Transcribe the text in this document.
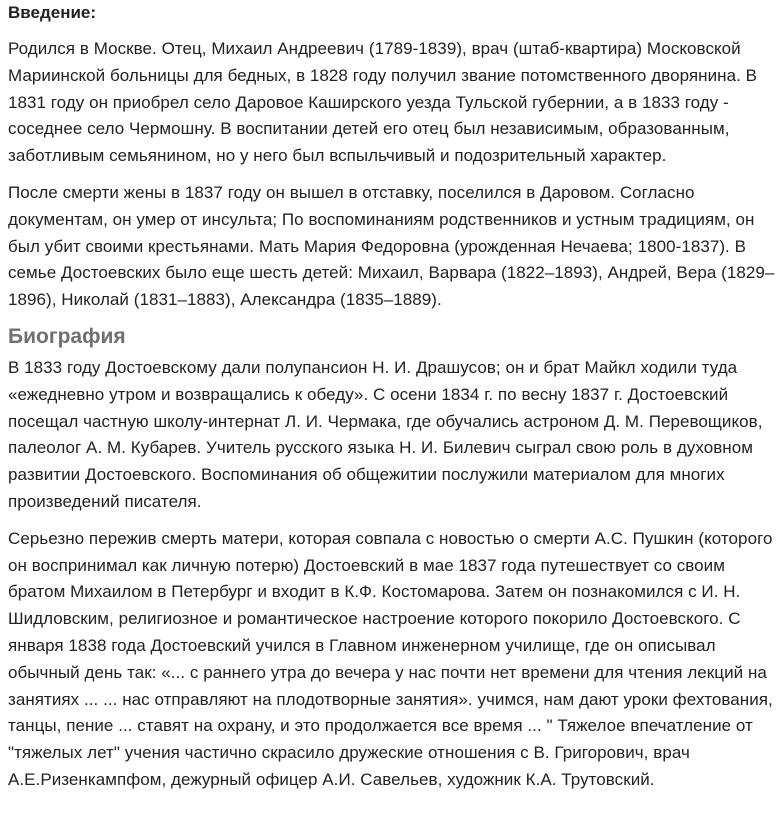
Введение:

Родился в Москве. Отец, Михаил Андреевич (1789-1839), врач (штаб-квартира) Московской Мариинской больницы для бедных, в 1828 году получил звание потомственного дворянина. В 1831 году он приобрел село Даровое Каширского уезда Тульской губернии, а в 1833 году - соседнее село Чермошну. В воспитании детей его отец был независимым, образованным, заботливым семьянином, но у него был вспыльчивый и подозрительный характер.

После смерти жены в 1837 году он вышел в отставку, поселился в Даровом. Согласно документам, он умер от инсульта; По воспоминаниям родственников и устным традициям, он был убит своими крестьянами. Мать Мария Федоровна (урожденная Нечаева; 1800-1837). В семье Достоевских было еще шесть детей: Михаил, Варвара (1822–1893), Андрей, Вера (1829–1896), Николай (1831–1883), Александра (1835–1889).

Биография

В 1833 году Достоевскому дали полупансион Н. И. Драшусов; он и брат Майкл ходили туда «ежедневно утром и возвращались к обеду». С осени 1834 г. по весну 1837 г. Достоевский посещал частную школу-интернат Л. И. Чермака, где обучались астроном Д. М. Перевощиков, палеолог А. М. Кубарев. Учитель русского языка Н. И. Билевич сыграл свою роль в духовном развитии Достоевского. Воспоминания об общежитии послужили материалом для многих произведений писателя.

Серьезно пережив смерть матери, которая совпала с новостью о смерти А.С. Пушкин (которого он воспринимал как личную потерю) Достоевский в мае 1837 года путешествует со своим братом Михаилом в Петербург и входит в К.Ф. Костомарова. Затем он познакомился с И. Н. Шидловским, религиозное и романтическое настроение которого покорило Достоевского. С января 1838 года Достоевский учился в Главном инженерном училище, где он описывал обычный день так: «... с раннего утра до вечера у нас почти нет времени для чтения лекций на занятиях ... ... нас отправляют на плодотворные занятия». учимся, нам дают уроки фехтования, танцы, пение ... ставят на охрану, и это продолжается все время ... " Тяжелое впечатление от "тяжелых лет" учения частично скрасило дружеские отношения с В. Григорович, врач А.Е.Ризенкампфом, дежурный офицер А.И. Савельев, художник К.А. Трутовский.
